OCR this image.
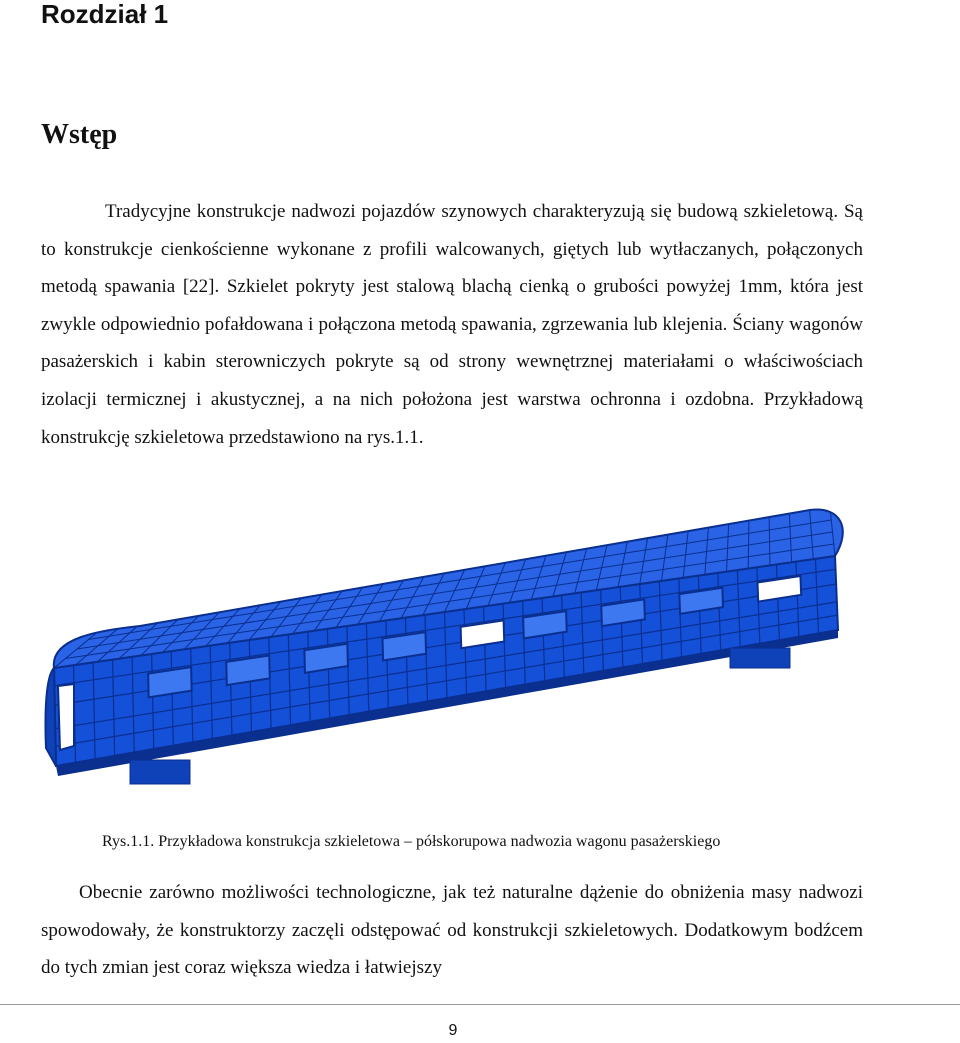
Rozdział 1
Wstęp

Tradycyjne konstrukcje nadwozi pojazdów szynowych charakteryzują się budową szkieletową. Są to konstrukcje cienkościenne wykonane z profili walcowanych, giętych lub wytłaczanych, połączonych metodą spawania [22]. Szkielet pokryty jest stalową blachą cienką o grubości powyżej 1mm, która jest zwykle odpowiednio pofałdowana i połączona metodą spawania, zgrzewania lub klejenia. Ściany wagonów pasażerskich i kabin sterowniczych pokryte są od strony wewnętrznej materiałami o właściwościach izolacji termicznej i akustycznej, a na nich położona jest warstwa ochronna i ozdobna. Przykładową konstrukcję szkieletowa przedstawiono na rys.1.1.

Rys.1.1. Przykładowa konstrukcja szkieletowa – półskorupowa nadwozia wagonu pasażerskiego

Obecnie zarówno możliwości technologiczne, jak też naturalne dążenie do obniżenia masy nadwozi spowodowały, że konstruktorzy zaczęli odstępować od konstrukcji szkieletowych. Dodatkowym bodźcem do tych zmian jest coraz większa wiedza i łatwiejszy

9
